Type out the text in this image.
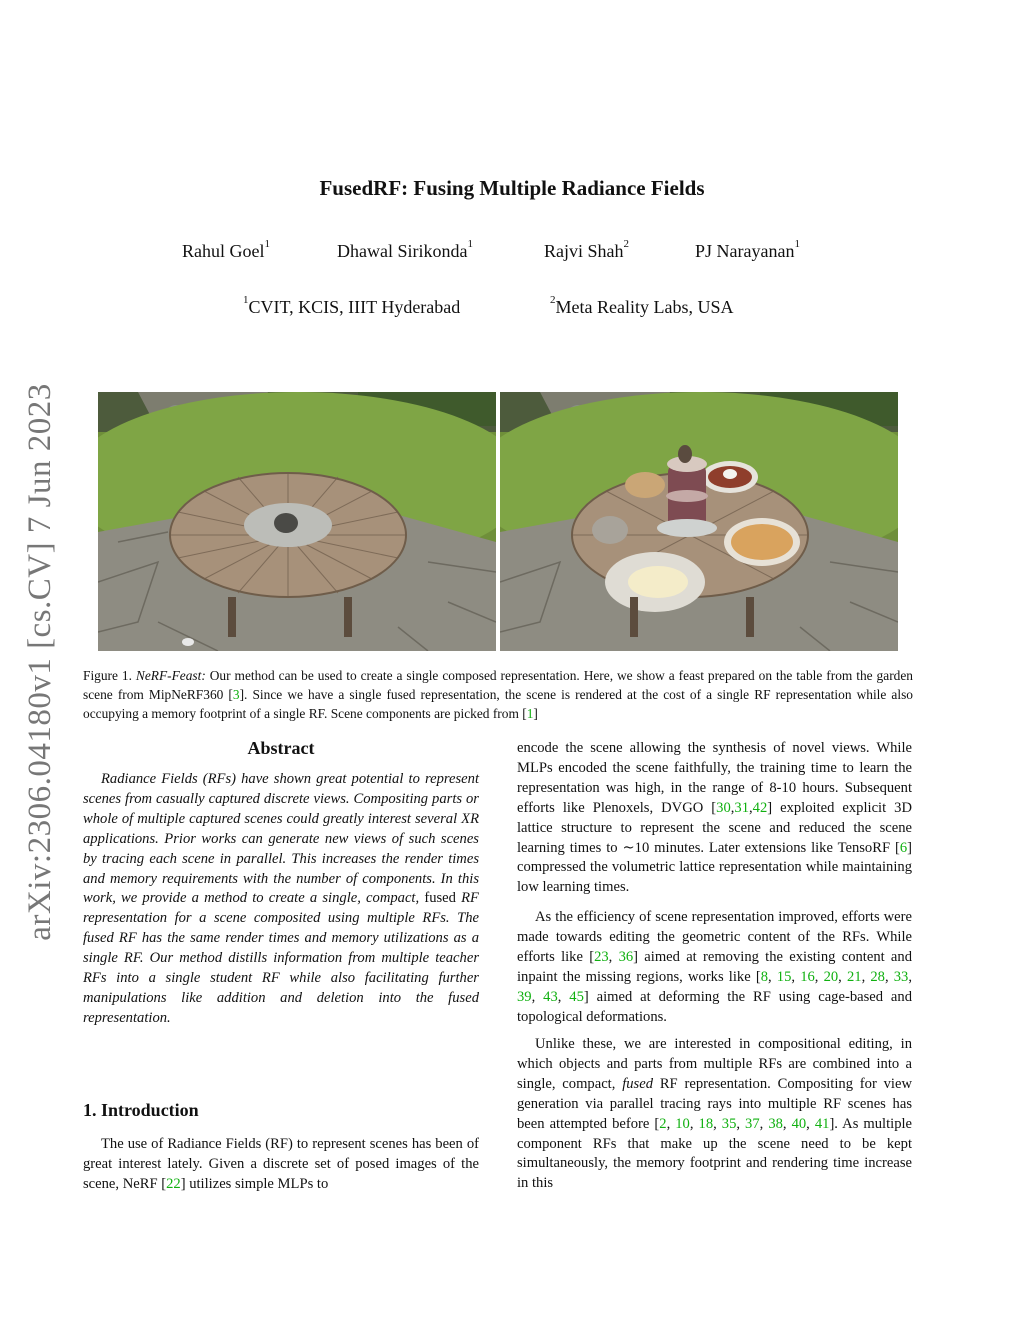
arXiv:2306.04180v1 [cs.CV] 7 Jun 2023
FusedRF: Fusing Multiple Radiance Fields
Rahul Goel$^1$	Dhawal Sirikonda$^1$	Rajvi Shah$^2$	PJ Narayanan$^1$
$^1$CVIT, KCIS, IIIT Hyderabad	$^2$Meta Reality Labs, USA
Figure 1. NeRF-Feast: Our method can be used to create a single composed representation. Here, we show a feast prepared on the table from the garden scene from MipNeRF360 [3]. Since we have a single fused representation, the scene is rendered at the cost of a single RF representation while also occupying a memory footprint of a single RF. Scene components are picked from [1]
Abstract

Radiance Fields (RFs) have shown great potential to represent scenes from casually captured discrete views. Compositing parts or whole of multiple captured scenes could greatly interest several XR applications. Prior works can generate new views of such scenes by tracing each scene in parallel. This increases the render times and memory requirements with the number of components. In this work, we provide a method to create a single, compact, fused RF representation for a scene composited using multiple RFs. The fused RF has the same render times and memory utilizations as a single RF. Our method distills information from multiple teacher RFs into a single student RF while also facilitating further manipulations like addition and deletion into the fused representation.

1. Introduction

The use of Radiance Fields (RF) to represent scenes has been of great interest lately. Given a discrete set of posed images of the scene, NeRF [22] utilizes simple MLPs to

encode the scene allowing the synthesis of novel views. While MLPs encoded the scene faithfully, the training time to learn the representation was high, in the range of 8-10 hours. Subsequent efforts like Plenoxels, DVGO [30,31,42] exploited explicit 3D lattice structure to represent the scene and reduced the scene learning times to ∼10 minutes. Later extensions like TensoRF [6] compressed the volumetric lattice representation while maintaining low learning times.

As the efficiency of scene representation improved, efforts were made towards editing the geometric content of the RFs. While efforts like [23, 36] aimed at removing the existing content and inpaint the missing regions, works like [8, 15, 16, 20, 21, 28, 33, 39, 43, 45] aimed at deforming the RF using cage-based and topological deformations.

Unlike these, we are interested in compositional editing, in which objects and parts from multiple RFs are combined into a single, compact, fused RF representation. Compositing for view generation via parallel tracing rays into multiple RF scenes has been attempted before [2, 10, 18, 35, 37, 38, 40, 41]. As multiple component RFs that make up the scene need to be kept simultaneously, the memory footprint and rendering time increase in this
